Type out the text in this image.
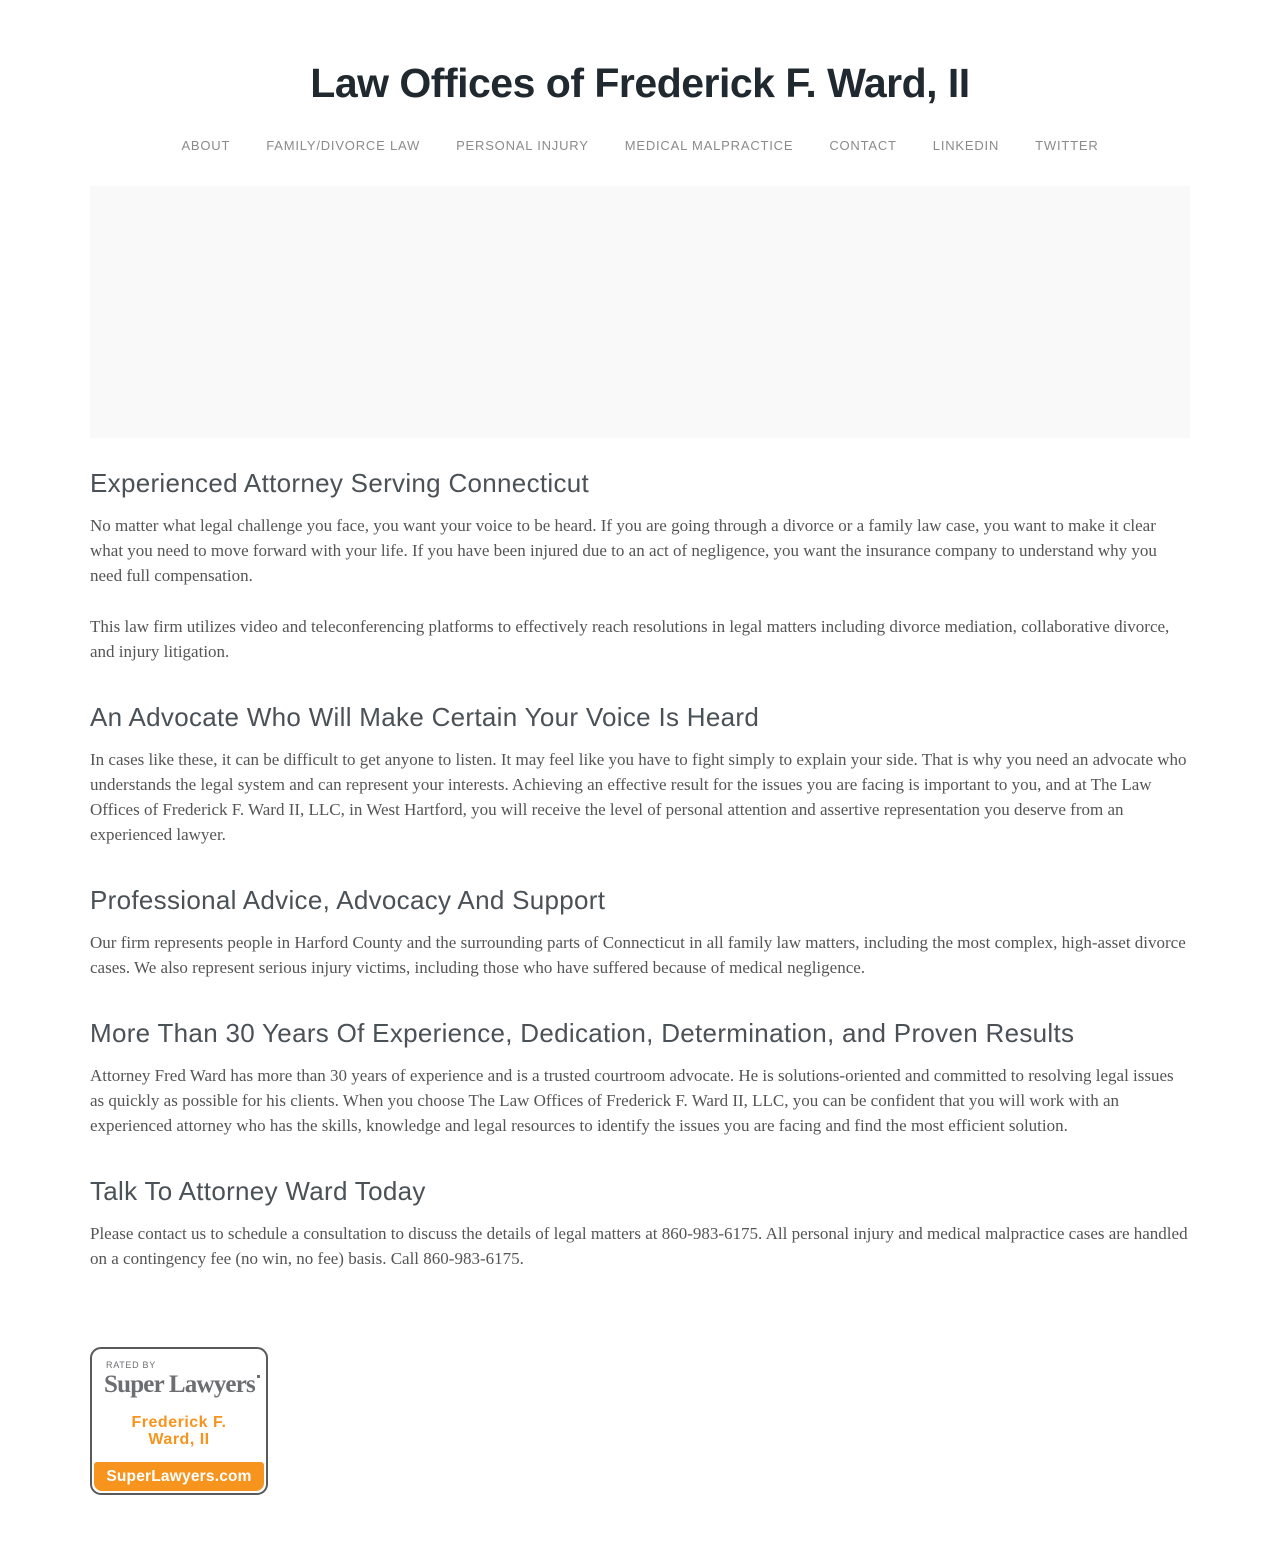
Law Offices of Frederick F. Ward, II
ABOUT	FAMILY/DIVORCE LAW	PERSONAL INJURY	MEDICAL MALPRACTICE	CONTACT	LINKEDIN	TWITTER
Experienced Attorney Serving Connecticut

No matter what legal challenge you face, you want your voice to be heard. If you are going through a divorce or a family law case, you want to make it clear what you need to move forward with your life. If you have been injured due to an act of negligence, you want the insurance company to understand why you need full compensation.

This law firm utilizes video and teleconferencing platforms to effectively reach resolutions in legal matters including divorce mediation, collaborative divorce, and injury litigation.

An Advocate Who Will Make Certain Your Voice Is Heard

In cases like these, it can be difficult to get anyone to listen. It may feel like you have to fight simply to explain your side. That is why you need an advocate who understands the legal system and can represent your interests. Achieving an effective result for the issues you are facing is important to you, and at The Law Offices of Frederick F. Ward II, LLC, in West Hartford, you will receive the level of personal attention and assertive representation you deserve from an experienced lawyer.

Professional Advice, Advocacy And Support

Our firm represents people in Harford County and the surrounding parts of Connecticut in all family law matters, including the most complex, high-asset divorce cases. We also represent serious injury victims, including those who have suffered because of medical negligence.

More Than 30 Years Of Experience, Dedication, Determination, and Proven Results

Attorney Fred Ward has more than 30 years of experience and is a trusted courtroom advocate. He is solutions-oriented and committed to resolving legal issues as quickly as possible for his clients. When you choose The Law Offices of Frederick F. Ward II, LLC, you can be confident that you will work with an experienced attorney who has the skills, knowledge and legal resources to identify the issues you are facing and find the most efficient solution.

Talk To Attorney Ward Today

Please contact us to schedule a consultation to discuss the details of legal matters at 860-983-6175. All personal injury and medical malpractice cases are handled on a contingency fee (no win, no fee) basis. Call 860-983-6175.

RATED BY
Super Lawyers
Frederick F.
Ward, II
SuperLawyers.com
